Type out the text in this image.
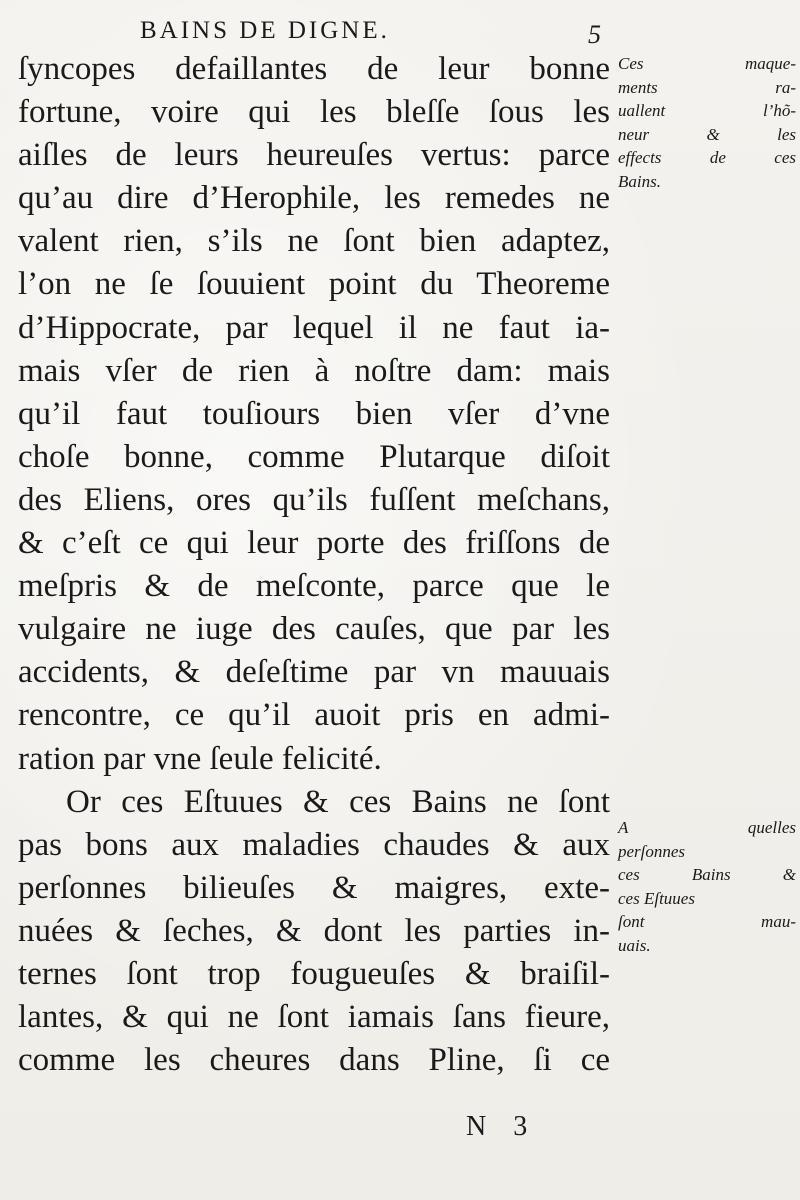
BAINS DE DIGNE.	5
ſyncopes defaillantes de leur bonne
fortune, voire qui les bleſſe ſous les
aiſles de leurs heureuſes vertus: parce
qu’au dire d’Herophile, les remedes ne
valent rien, s’ils ne ſont bien adaptez,
l’on ne ſe ſouuient point du Theoreme
d’Hippocrate, par lequel il ne faut ia-
mais vſer de rien à noſtre dam: mais
qu’il faut touſiours bien vſer d’vne
choſe bonne, comme Plutarque diſoit
des Eliens, ores qu’ils fuſſent meſchans,
& c’eſt ce qui leur porte des friſſons de
meſpris & de meſconte, parce que le
vulgaire ne iuge des cauſes, que par les
accidents, & deſeſtime par vn mauuais
rencontre, ce qu’il auoit pris en admi-
ration par vne ſeule felicité.
Or ces Eſtuues & ces Bains ne ſont
pas bons aux maladies chaudes & aux
perſonnes bilieuſes & maigres, exte-
nuées & ſeches, & dont les parties in-
ternes ſont trop fougueuſes & braiſil-
lantes, & qui ne ſont iamais ſans fieure,
comme les cheures dans Pline, ſi ce
Ces maque-
ments ra-
uallent l’hõ-
neur & les
effects de ces
Bains.
A quelles
perſonnes
ces Bains &
ces Eſtuues
ſont mau-
uais.
N 3
